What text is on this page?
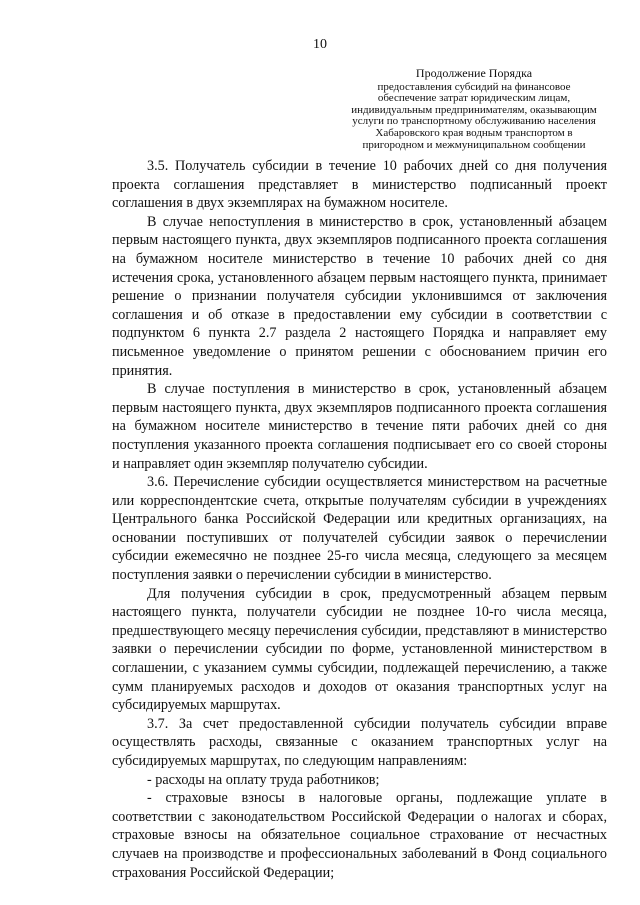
10
Продолжение Порядка
предоставления субсидий на финансовое обеспечение затрат юридическим лицам, индивидуальным предпринимателям, оказывающим услуги по транспортному обслуживанию населения Хабаровского края водным транспортом в пригородном и межмуниципальном сообщении

3.5. Получатель субсидии в течение 10 рабочих дней со дня получения проекта соглашения представляет в министерство подписанный проект соглашения в двух экземплярах на бумажном носителе.

В случае непоступления в министерство в срок, установленный абзацем первым настоящего пункта, двух экземпляров подписанного проекта соглашения на бумажном носителе министерство в течение 10 рабочих дней со дня истечения срока, установленного абзацем первым настоящего пункта, принимает решение о признании получателя субсидии уклонившимся от заключения соглашения и об отказе в предоставлении ему субсидии в соответствии с подпунктом 6 пункта 2.7 раздела 2 настоящего Порядка и направляет ему письменное уведомление о принятом решении с обоснованием причин его принятия.

В случае поступления в министерство в срок, установленный абзацем первым настоящего пункта, двух экземпляров подписанного проекта соглашения на бумажном носителе министерство в течение пяти рабочих дней со дня поступления указанного проекта соглашения подписывает его со своей стороны и направляет один экземпляр получателю субсидии.

3.6. Перечисление субсидии осуществляется министерством на расчетные или корреспондентские счета, открытые получателям субсидии в учреждениях Центрального банка Российской Федерации или кредитных организациях, на основании поступивших от получателей субсидии заявок о перечислении субсидии ежемесячно не позднее 25-го числа месяца, следующего за месяцем поступления заявки о перечислении субсидии в министерство.

Для получения субсидии в срок, предусмотренный абзацем первым настоящего пункта, получатели субсидии не позднее 10-го числа месяца, предшествующего месяцу перечисления субсидии, представляют в министерство заявки о перечислении субсидии по форме, установленной министерством в соглашении, с указанием суммы субсидии, подлежащей перечислению, а также сумм планируемых расходов и доходов от оказания транспортных услуг на субсидируемых маршрутах.

3.7. За счет предоставленной субсидии получатель субсидии вправе осуществлять расходы, связанные с оказанием транспортных услуг на субсидируемых маршрутах, по следующим направлениям:

- расходы на оплату труда работников;

- страховые взносы в налоговые органы, подлежащие уплате в соответствии с законодательством Российской Федерации о налогах и сборах, страховые взносы на обязательное социальное страхование от несчастных случаев на производстве и профессиональных заболеваний в Фонд социального страхования Российской Федерации;
